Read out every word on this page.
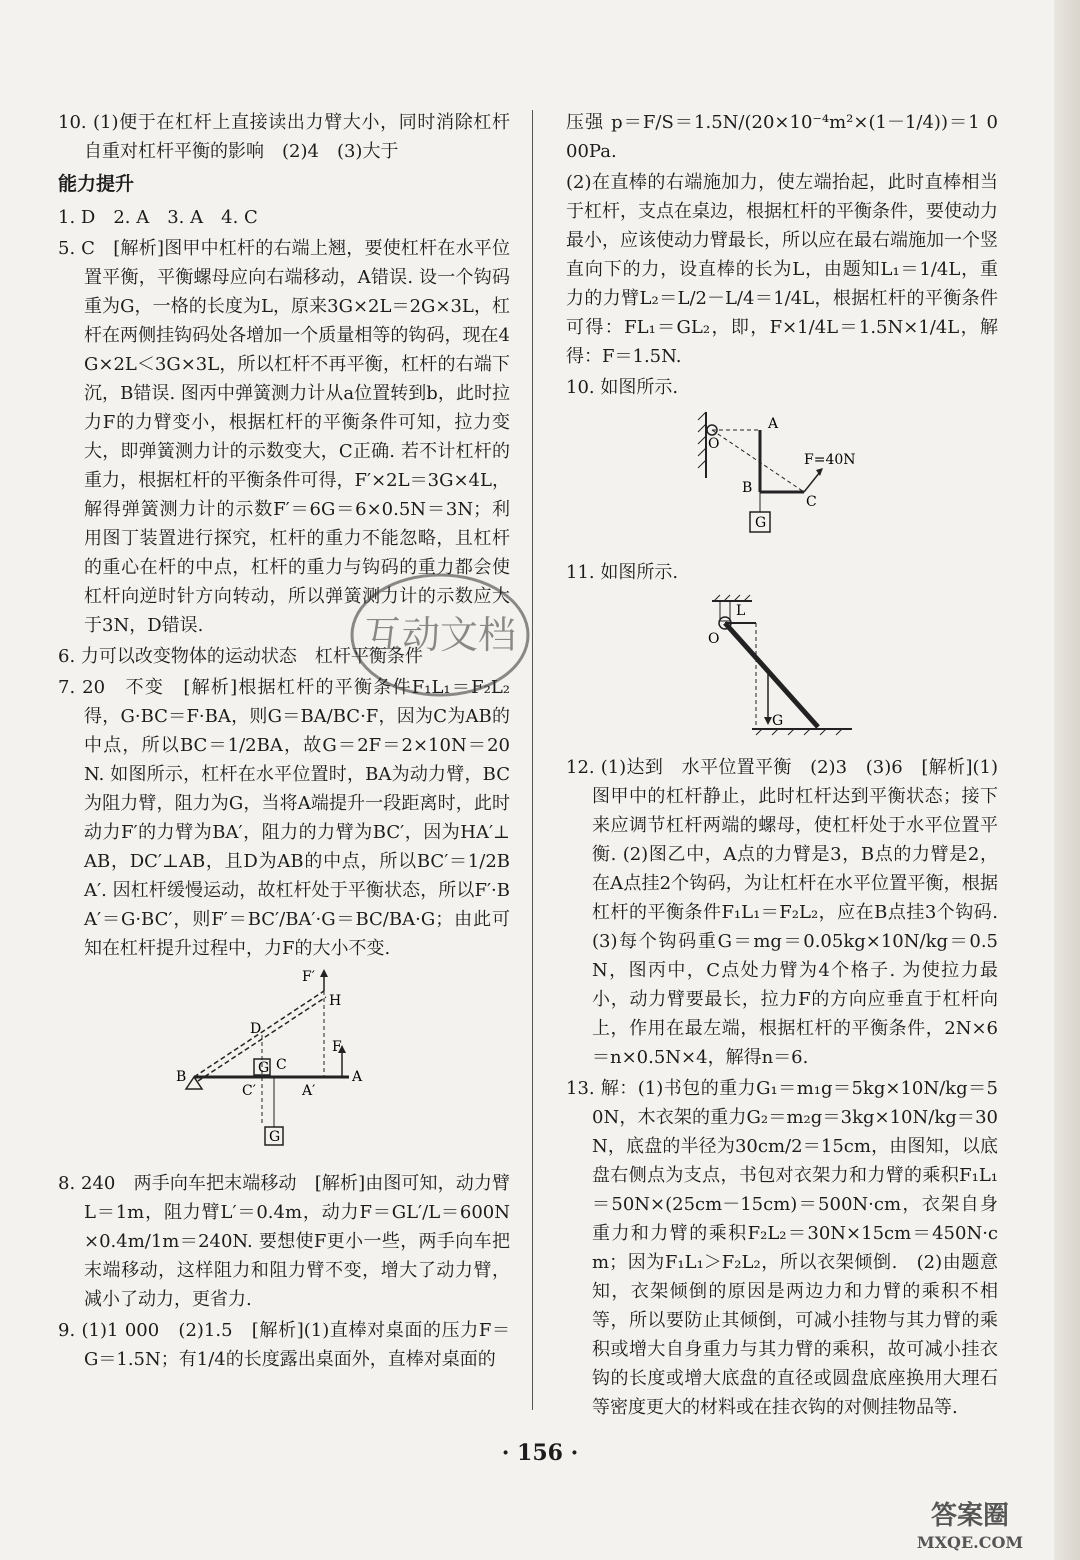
10. (1)便于在杠杆上直接读出力臂大小，同时消除杠杆自重对杠杆平衡的影响　(2)4　(3)大于

能力提升

1. D　2. A　3. A　4. C

5. C　[解析]图甲中杠杆的右端上翘，要使杠杆在水平位置平衡，平衡螺母应向右端移动，A错误. 设一个钩码重为G，一格的长度为L，原来3G×2L＝2G×3L，杠杆在两侧挂钩码处各增加一个质量相等的钩码，现在4G×2L＜3G×3L，所以杠杆不再平衡，杠杆的右端下沉，B错误. 图丙中弹簧测力计从a位置转到b，此时拉力F的力臂变小，根据杠杆的平衡条件可知，拉力变大，即弹簧测力计的示数变大，C正确. 若不计杠杆的重力，根据杠杆的平衡条件可得，F′×2L＝3G×4L，解得弹簧测力计的示数F′＝6G＝6×0.5N＝3N；利用图丁装置进行探究，杠杆的重力不能忽略，且杠杆的重心在杆的中点，杠杆的重力与钩码的重力都会使杠杆向逆时针方向转动，所以弹簧测力计的示数应大于3N，D错误.

6. 力可以改变物体的运动状态　杠杆平衡条件

7. 20　不变　[解析]根据杠杆的平衡条件F₁L₁＝F₂L₂得，G·BC＝F·BA，则G＝BA/BC·F，因为C为AB的中点，所以BC＝1/2BA，故G＝2F＝2×10N＝20N. 如图所示，杠杆在水平位置时，BA为动力臂，BC为阻力臂，阻力为G，当将A端提升一段距离时，此时动力F′的力臂为BA′，阻力的力臂为BC′，因为HA′⊥AB，DC′⊥AB，且D为AB的中点，所以BC′＝1/2BA′. 因杠杆缓慢运动，故杠杆处于平衡状态，所以F′·BA′＝G·BC′，则F′＝BC′/BA′·G＝BC/BA·G；由此可知在杠杆提升过程中，力F的大小不变.

F′
H
D
C
F
B
C′	A′
A
G
G

8. 240　两手向车把末端移动　[解析]由图可知，动力臂L＝1m，阻力臂L′＝0.4m，动力F＝GL′/L＝600N×0.4m/1m＝240N. 要想使F更小一些，两手向车把末端移动，这样阻力和阻力臂不变，增大了动力臂，减小了动力，更省力.

9. (1)1 000　(2)1.5　[解析](1)直棒对桌面的压力F＝G＝1.5N；有1/4的长度露出桌面外，直棒对桌面的

压强 p＝F/S＝1.5N/(20×10⁻⁴m²×(1－1/4))＝1 000Pa.

(2)在直棒的右端施加力，使左端抬起，此时直棒相当于杠杆，支点在桌边，根据杠杆的平衡条件，要使动力最小，应该使动力臂最长，所以应在最右端施加一个竖直向下的力，设直棒的长为L，由题知L₁＝1/4L，重力的力臂L₂＝L/2－L/4＝1/4L，根据杠杆的平衡条件可得：FL₁＝GL₂，即，F×1/4L＝1.5N×1/4L，解得：F＝1.5N.

10. 如图所示.

A
O
F=40N
B
C
G

11. 如图所示.

L
O
G

12. (1)达到　水平位置平衡　(2)3　(3)6　[解析](1)图甲中的杠杆静止，此时杠杆达到平衡状态；接下来应调节杠杆两端的螺母，使杠杆处于水平位置平衡. (2)图乙中，A点的力臂是3，B点的力臂是2，在A点挂2个钩码，为让杠杆在水平位置平衡，根据杠杆的平衡条件F₁L₁＝F₂L₂，应在B点挂3个钩码. (3)每个钩码重G＝mg＝0.05kg×10N/kg＝0.5N，图丙中，C点处力臂为4个格子. 为使拉力最小，动力臂要最长，拉力F的方向应垂直于杠杆向上，作用在最左端，根据杠杆的平衡条件，2N×6＝n×0.5N×4，解得n＝6.

13. 解：(1)书包的重力G₁＝m₁g＝5kg×10N/kg＝50N，木衣架的重力G₂＝m₂g＝3kg×10N/kg＝30N，底盘的半径为30cm/2＝15cm，由图知，以底盘右侧点为支点，书包对衣架力和力臂的乘积F₁L₁＝50N×(25cm－15cm)＝500N·cm，衣架自身重力和力臂的乘积F₂L₂＝30N×15cm＝450N·cm；因为F₁L₁＞F₂L₂，所以衣架倾倒.　(2)由题意知，衣架倾倒的原因是两边力和力臂的乘积不相等，所以要防止其倾倒，可减小挂物与其力臂的乘积或增大自身重力与其力臂的乘积，故可减小挂衣钩的长度或增大底盘的直径或圆盘底座换用大理石等密度更大的材料或在挂衣钩的对侧挂物品等.

互动文档
· 156 ·
答案圈
MXQE.COM
